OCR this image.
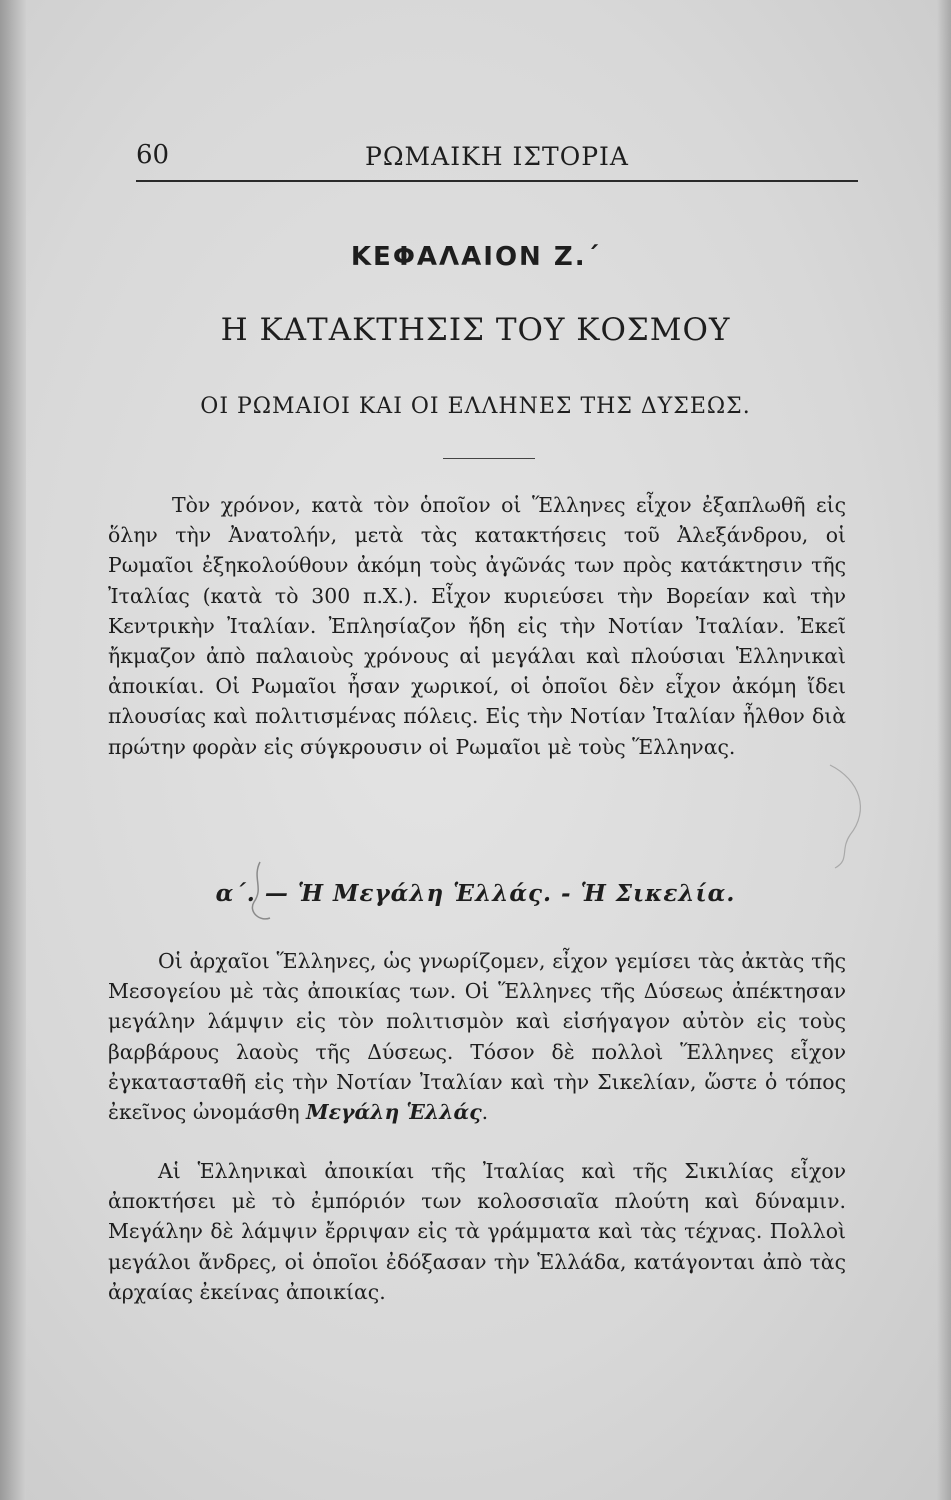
60	ΡΩΜΑΙΚΗ ΙΣΤΟΡΙΑ
ΚΕΦΑΛΑΙΟΝ Ζ.΄
Η ΚΑΤΑΚΤΗΣΙΣ ΤΟΥ ΚΟΣΜΟΥ
ΟΙ ΡΩΜΑΙΟΙ ΚΑΙ ΟΙ ΕΛΛΗΝΕΣ ΤΗΣ ΔΥΣΕΩΣ.

Τὸν χρόνον, κατὰ τὸν ὁποῖον οἱ Ἕλληνες εἶχον ἐξαπλωθῆ εἰς ὅλην τὴν Ἀνατολήν, μετὰ τὰς κατακτήσεις τοῦ Ἀλεξάνδρου, οἱ Ρωμαῖοι ἐξηκολούθουν ἀκόμη τοὺς ἀγῶνάς των πρὸς κατάκτησιν τῆς Ἰταλίας (κατὰ τὸ 300 π.Χ.). Εἶχον κυριεύσει τὴν Βορείαν καὶ τὴν Κεντρικὴν Ἰταλίαν. Ἐπλησίαζον ἤδη εἰς τὴν Νοτίαν Ἰταλίαν. Ἐκεῖ ἤκμαζον ἀπὸ παλαιοὺς χρόνους αἱ μεγάλαι καὶ πλούσιαι Ἑλληνικαὶ ἀποικίαι. Οἱ Ρωμαῖοι ἦσαν χωρικοί, οἱ ὁποῖοι δὲν εἶχον ἀκόμη ἴδει πλουσίας καὶ πολιτισμένας πόλεις. Εἰς τὴν Νοτίαν Ἰταλίαν ἦλθον διὰ πρώτην φορὰν εἰς σύγκρουσιν οἱ Ρωμαῖοι μὲ τοὺς Ἕλληνας.

α΄. — Ἡ Μεγάλη Ἑλλάς. - Ἡ Σικελία.

Οἱ ἀρχαῖοι Ἕλληνες, ὡς γνωρίζομεν, εἶχον γεμίσει τὰς ἀκτὰς τῆς Μεσογείου μὲ τὰς ἀποικίας των. Οἱ Ἕλληνες τῆς Δύσεως ἀπέκτησαν μεγάλην λάμψιν εἰς τὸν πολιτισμὸν καὶ εἰσήγαγον αὐτὸν εἰς τοὺς βαρβάρους λαοὺς τῆς Δύσεως. Τόσον δὲ πολλοὶ Ἕλληνες εἶχον ἐγκατασταθῆ εἰς τὴν Νοτίαν Ἰταλίαν καὶ τὴν Σικελίαν, ὥστε ὁ τόπος ἐκεῖνος ὠνομάσθη Μεγάλη Ἑλλάς.

Αἱ Ἑλληνικαὶ ἀποικίαι τῆς Ἰταλίας καὶ τῆς Σικιλίας εἶχον ἀποκτήσει μὲ τὸ ἐμπόριόν των κολοσσιαῖα πλούτη καὶ δύναμιν. Μεγάλην δὲ λάμψιν ἔρριψαν εἰς τὰ γράμματα καὶ τὰς τέχνας. Πολλοὶ μεγάλοι ἄνδρες, οἱ ὁποῖοι ἐδόξασαν τὴν Ἑλλάδα, κατάγονται ἀπὸ τὰς ἀρχαίας ἐκείνας ἀποικίας.
